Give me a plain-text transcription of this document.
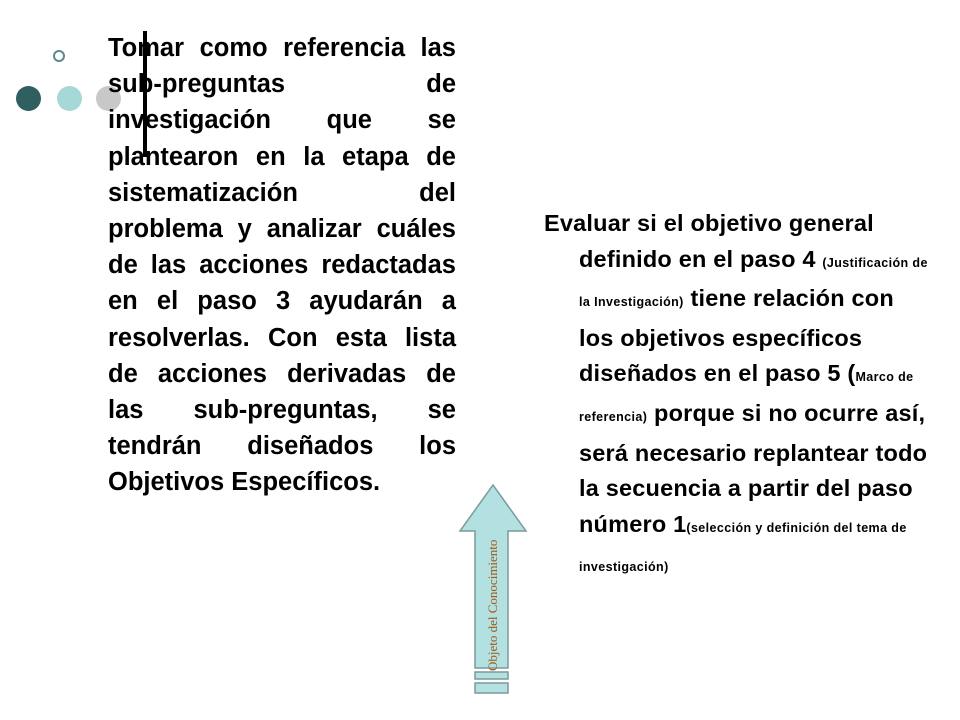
Tomar como referencia las sub-preguntas de investigación que se plantearon en la etapa de sistematización del problema y analizar cuáles de las acciones redactadas en el paso 3 ayudarán a resolverlas. Con esta lista de acciones derivadas de las sub-preguntas, se tendrán diseñados los Objetivos Específicos.

Evaluar si el objetivo general definido en el paso 4 (Justificación de la Investigación) tiene relación con los objetivos específicos diseñados en el paso 5 (Marco de referencia) porque si no ocurre así, será necesario replantear todo la secuencia a partir del paso número 1(selección y definición del tema de investigación)

Objeto del Conocimiento
